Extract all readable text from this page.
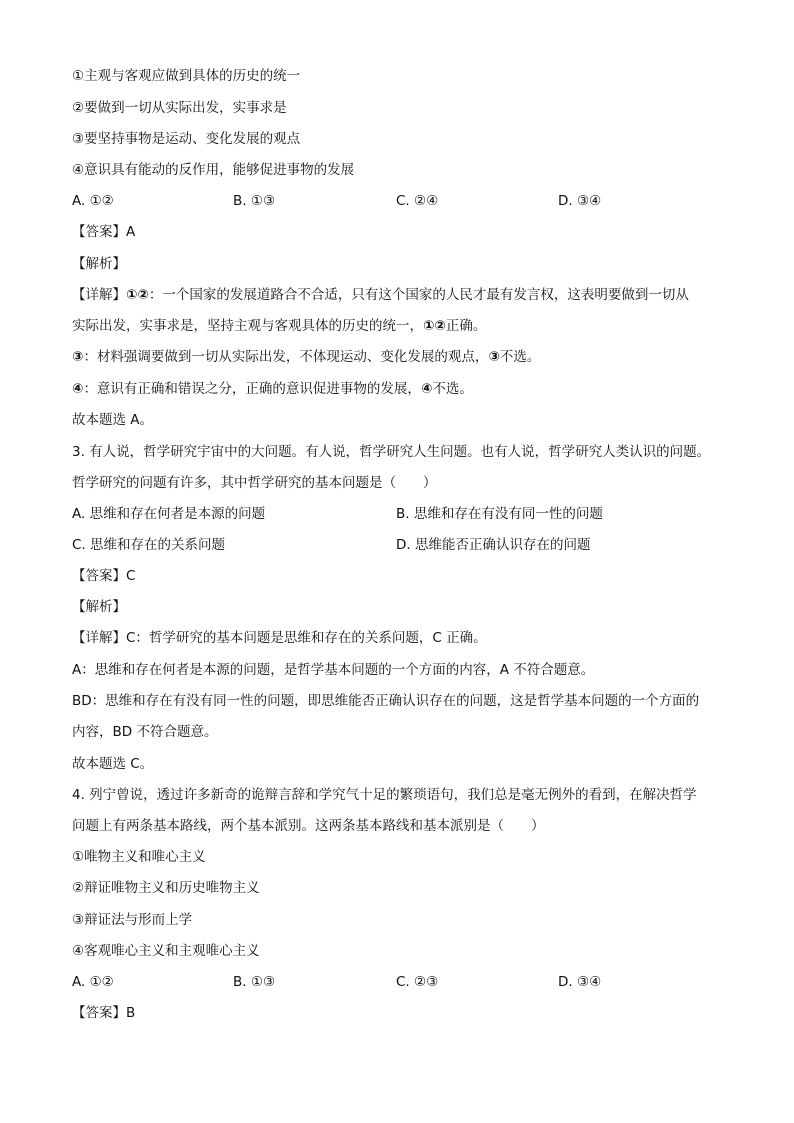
①主观与客观应做到具体的历史的统一
②要做到一切从实际出发，实事求是
③要坚持事物是运动、变化发展的观点
④意识具有能动的反作用，能够促进事物的发展
A. ①②	B. ①③	C. ②④	D. ③④
【答案】A
【解析】
【详解】①②：一个国家的发展道路合不合适，只有这个国家的人民才最有发言权，这表明要做到一切从
实际出发，实事求是，坚持主观与客观具体的历史的统一，①②正确。
③：材料强调要做到一切从实际出发，不体现运动、变化发展的观点，③不选。
④：意识有正确和错误之分，正确的意识促进事物的发展，④不选。
故本题选 A。
3. 有人说，哲学研究宇宙中的大问题。有人说，哲学研究人生问题。也有人说，哲学研究人类认识的问题。
哲学研究的问题有许多，其中哲学研究的基本问题是（　　）
A. 思维和存在何者是本源的问题	B. 思维和存在有没有同一性的问题
C. 思维和存在的关系问题	D. 思维能否正确认识存在的问题
【答案】C
【解析】
【详解】C：哲学研究的基本问题是思维和存在的关系问题，C 正确。
A：思维和存在何者是本源的问题，是哲学基本问题的一个方面的内容，A 不符合题意。
BD：思维和存在有没有同一性的问题，即思维能否正确认识存在的问题，这是哲学基本问题的一个方面的
内容，BD 不符合题意。
故本题选 C。
4. 列宁曾说，透过许多新奇的诡辩言辞和学究气十足的繁琐语句，我们总是毫无例外的看到，在解决哲学
问题上有两条基本路线，两个基本派别。这两条基本路线和基本派别是（　　）
①唯物主义和唯心主义
②辩证唯物主义和历史唯物主义
③辩证法与形而上学
④客观唯心主义和主观唯心主义
A. ①②	B. ①③	C. ②③	D. ③④
【答案】B
